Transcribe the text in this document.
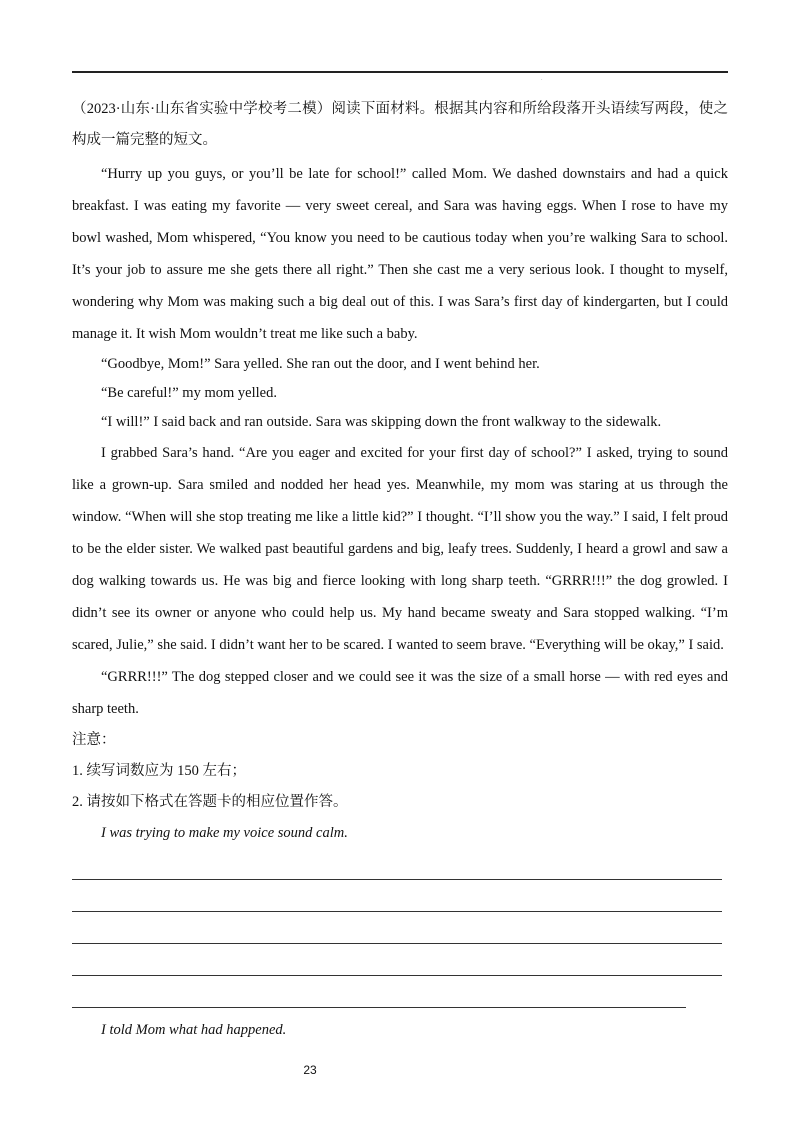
.

（2023·山东·山东省实验中学校考二模）阅读下面材料。根据其内容和所给段落开头语续写两段，使之构成一篇完整的短文。

“Hurry up you guys, or you’ll be late for school!” called Mom. We dashed downstairs and had a quick breakfast. I was eating my favorite — very sweet cereal, and Sara was having eggs. When I rose to have my bowl washed, Mom whispered, “You know you need to be cautious today when you’re walking Sara to school. It’s your job to assure me she gets there all right.” Then she cast me a very serious look. I thought to myself, wondering why Mom was making such a big deal out of this. I was Sara’s first day of kindergarten, but I could manage it. It wish Mom wouldn’t treat me like such a baby.

“Goodbye, Mom!” Sara yelled. She ran out the door, and I went behind her.

“Be careful!” my mom yelled.

“I will!” I said back and ran outside. Sara was skipping down the front walkway to the sidewalk.

I grabbed Sara’s hand. “Are you eager and excited for your first day of school?” I asked, trying to sound like a grown-up. Sara smiled and nodded her head yes. Meanwhile, my mom was staring at us through the window. “When will she stop treating me like a little kid?” I thought. “I’ll show you the way.” I said, I felt proud to be the elder sister. We walked past beautiful gardens and big, leafy trees. Suddenly, I heard a growl and saw a dog walking towards us. He was big and fierce looking with long sharp teeth. “GRRR!!!” the dog growled. I didn’t see its owner or anyone who could help us. My hand became sweaty and Sara stopped walking. “I’m scared, Julie,” she said. I didn’t want her to be scared. I wanted to seem brave. “Everything will be okay,” I said.

“GRRR!!!” The dog stepped closer and we could see it was the size of a small horse — with red eyes and sharp teeth.

注意：

1. 续写词数应为 150 左右；

2. 请按如下格式在答题卡的相应位置作答。

I was trying to make my voice sound calm.

I told Mom what had happened.

23
